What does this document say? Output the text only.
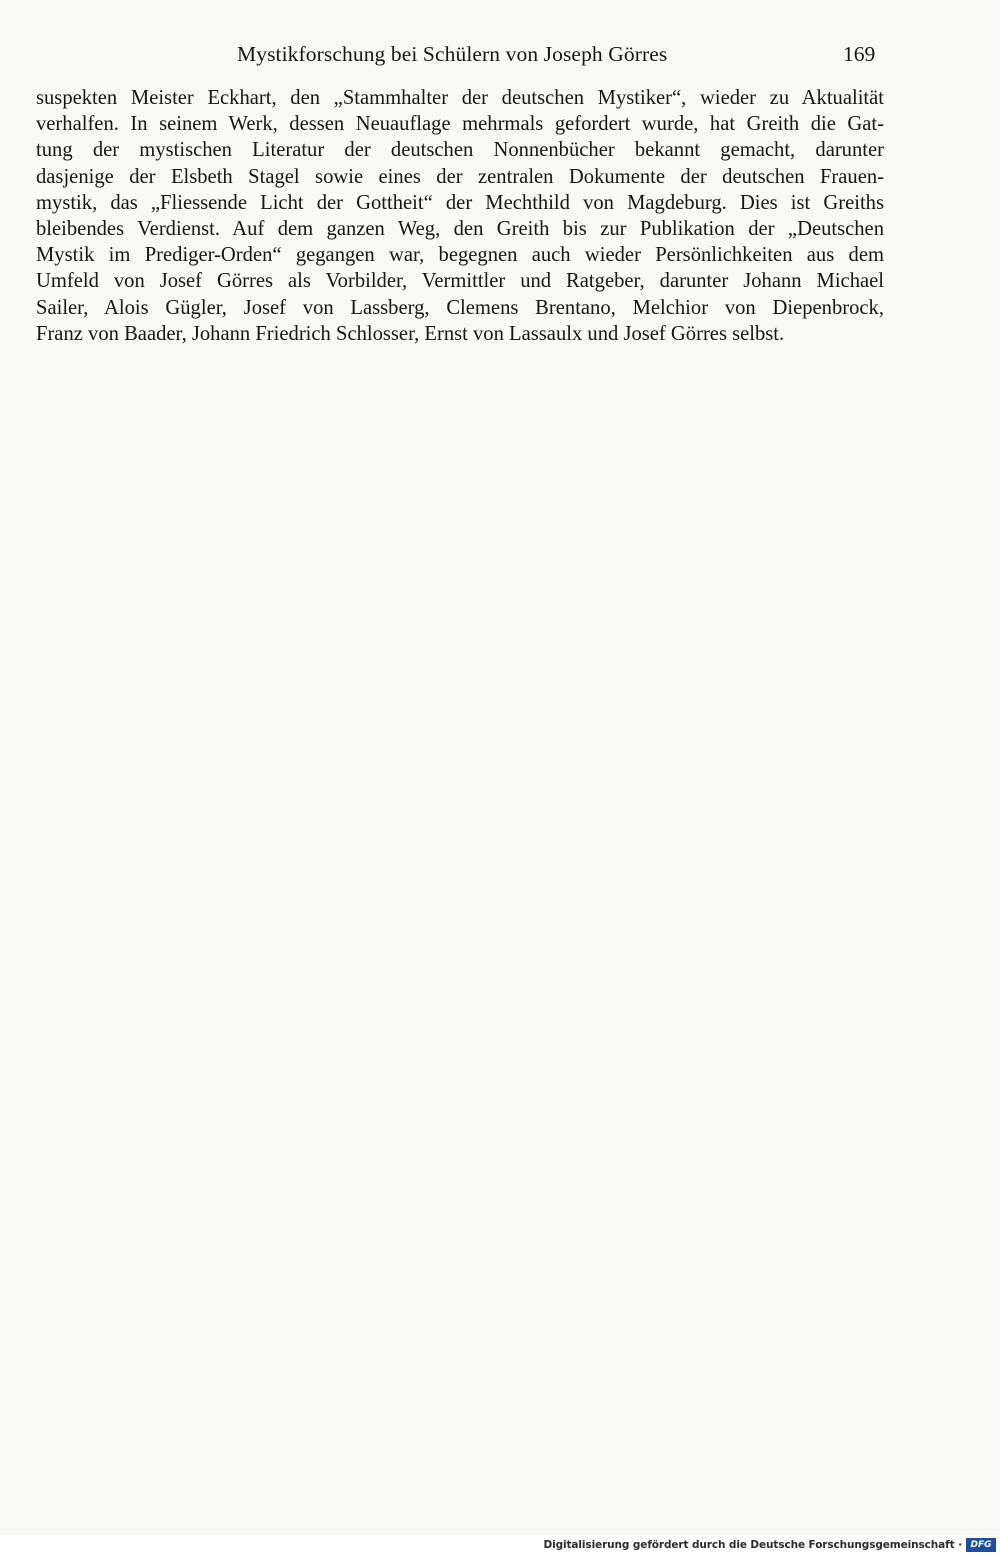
Mystikforschung bei Schülern von Joseph Görres	169
suspekten Meister Eckhart, den „Stammhalter der deutschen Mystiker“, wieder zu Aktualität
verhalfen. In seinem Werk, dessen Neuauflage mehrmals gefordert wurde, hat Greith die Gat-
tung der mystischen Literatur der deutschen Nonnenbücher bekannt gemacht, darunter
dasjenige der Elsbeth Stagel sowie eines der zentralen Dokumente der deutschen Frauen-
mystik, das „Fliessende Licht der Gottheit“ der Mechthild von Magdeburg. Dies ist Greiths
bleibendes Verdienst. Auf dem ganzen Weg, den Greith bis zur Publikation der „Deutschen
Mystik im Prediger-Orden“ gegangen war, begegnen auch wieder Persönlichkeiten aus dem
Umfeld von Josef Görres als Vorbilder, Vermittler und Ratgeber, darunter Johann Michael
Sailer, Alois Gügler, Josef von Lassberg, Clemens Brentano, Melchior von Diepenbrock,
Franz von Baader, Johann Friedrich Schlosser, Ernst von Lassaulx und Josef Görres selbst.
Digitalisierung gefördert durch die Deutsche Forschungsgemeinschaft · DFG
